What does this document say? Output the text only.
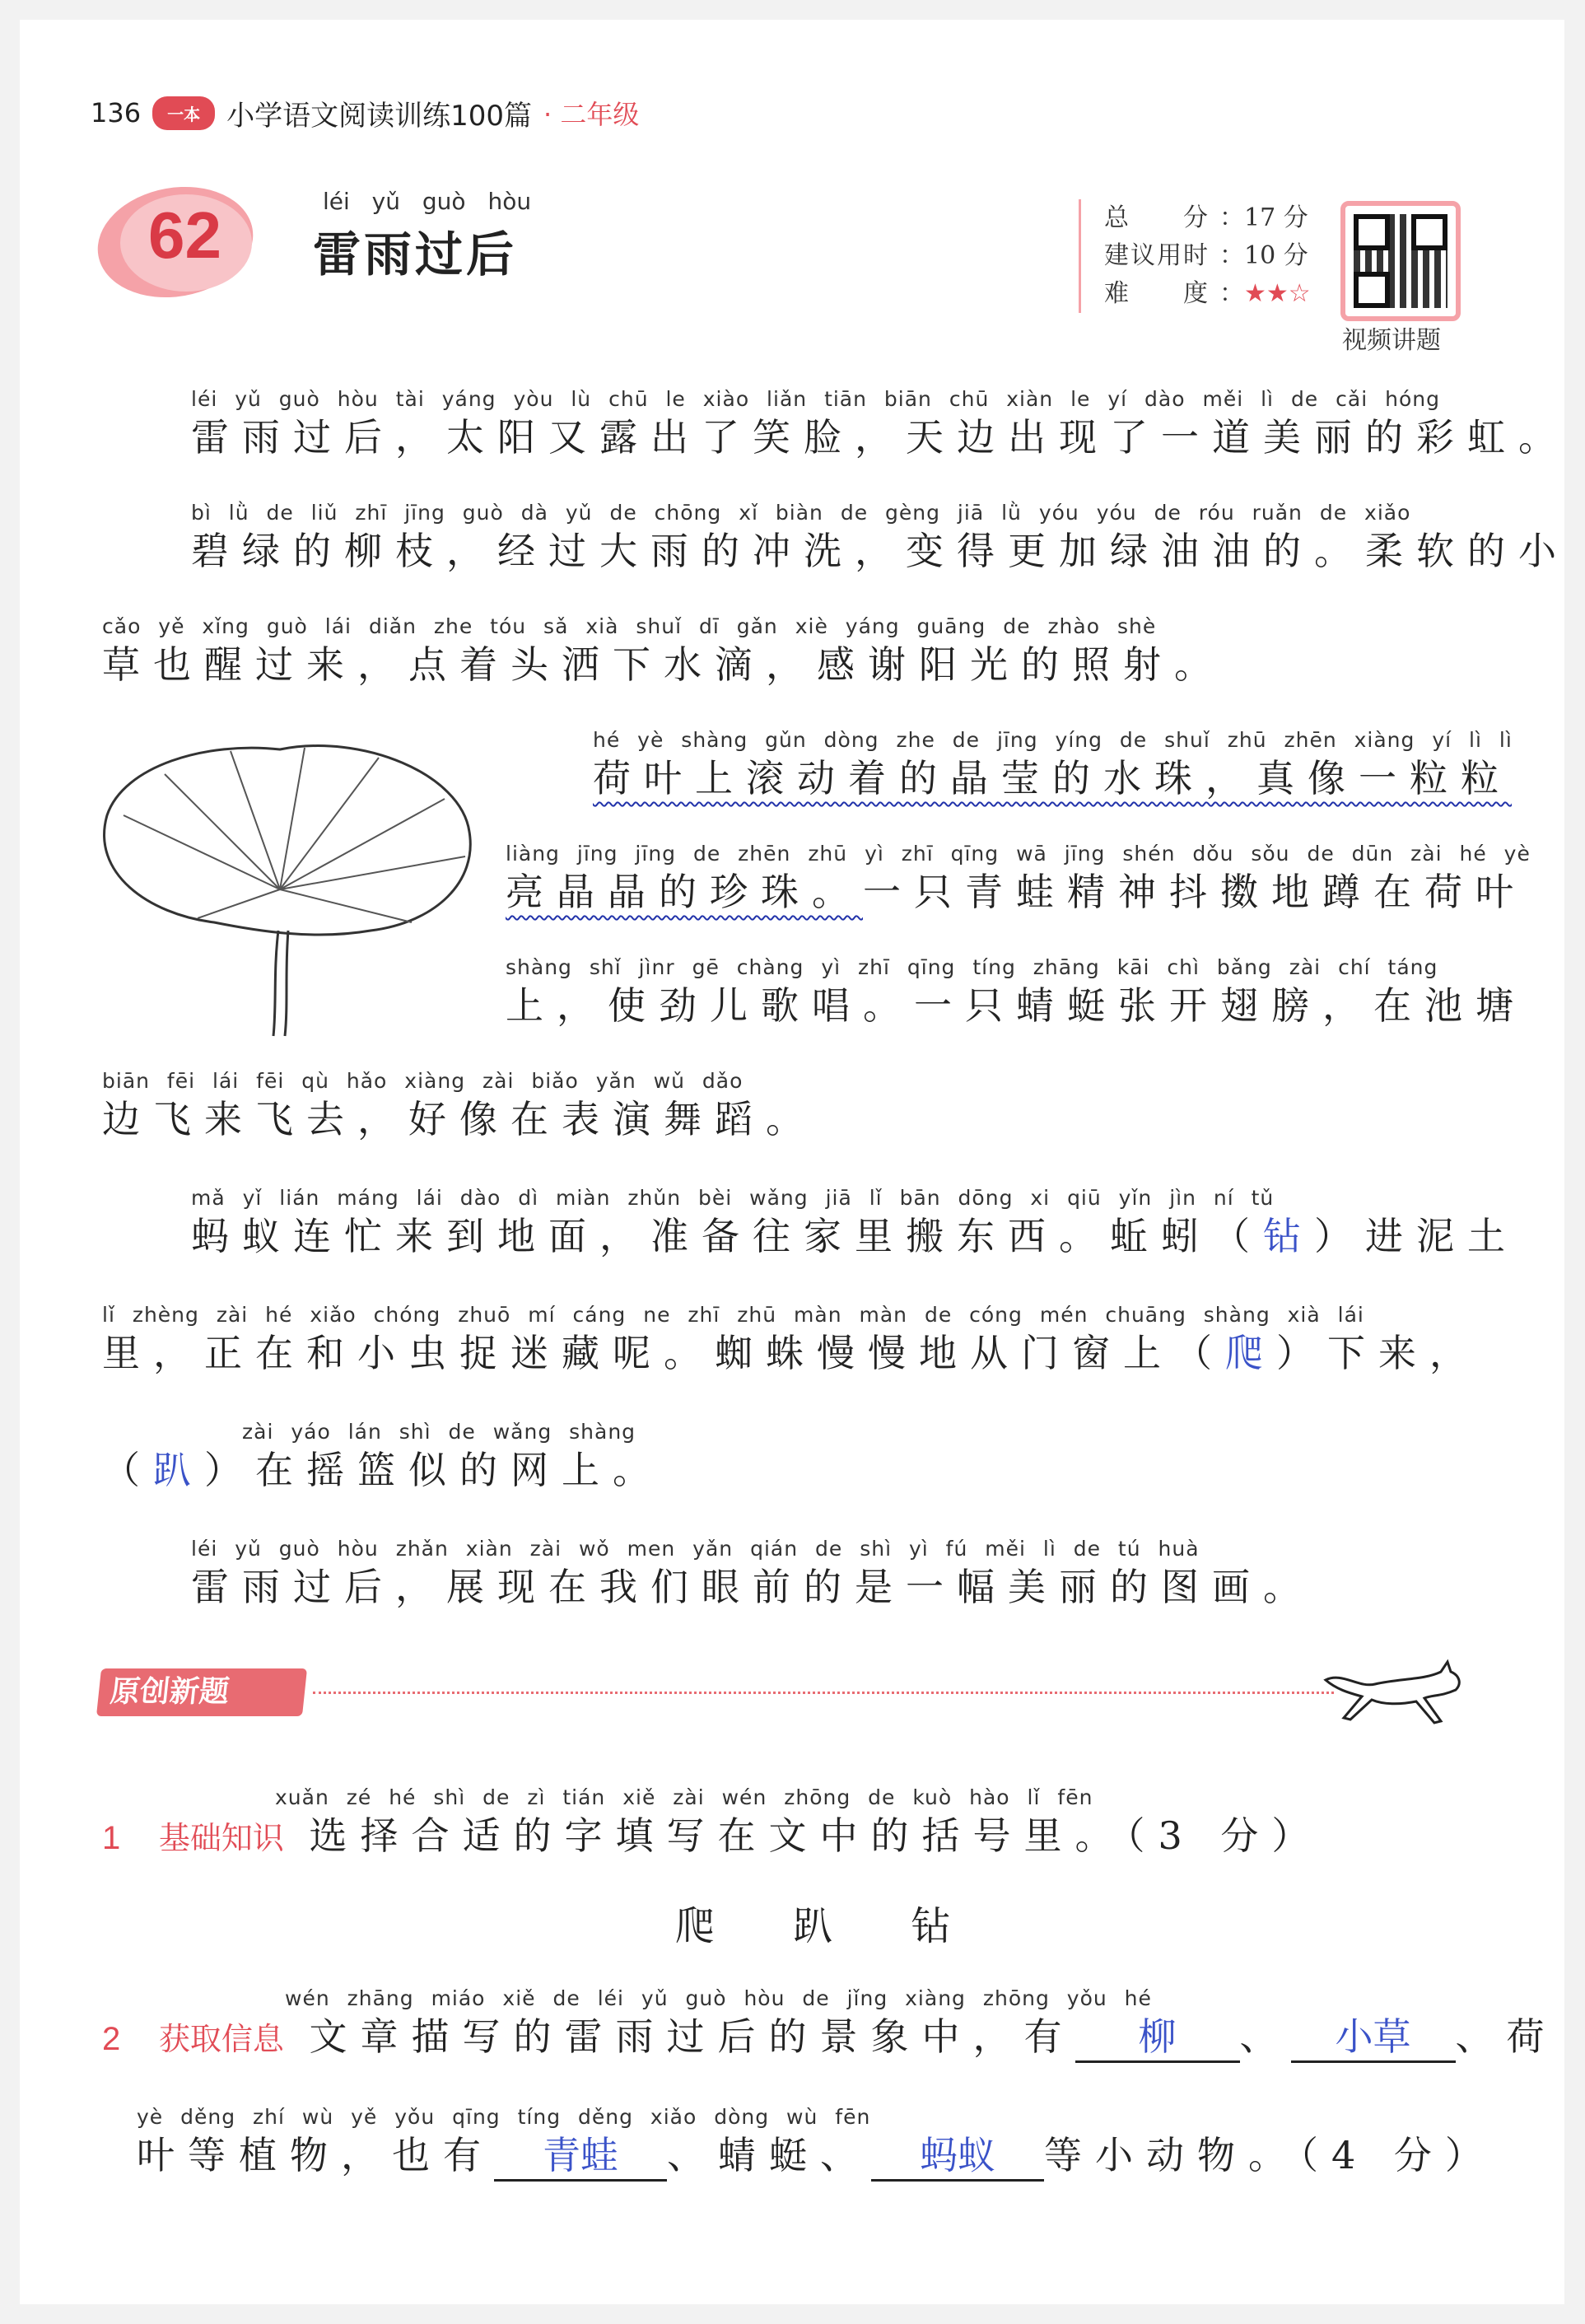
136	一本 小学语文阅读训练100篇 · 二年级
62	léi yǔ guò hòu
雷雨过后
总　　分 ：17 分
建议用时 ：10 分
难　　度 ： ★★☆
视频讲题
léi yǔ guò hòu tài yáng yòu lù chū le xiào liǎn tiān biān chū xiàn le yí dào měi lì de cǎi hóng
雷雨过后，太阳又露出了笑脸，天边出现了一道美丽的彩虹。
bì lǜ de liǔ zhī jīng guò dà yǔ de chōng xǐ biàn de gèng jiā lǜ yóu yóu de róu ruǎn de xiǎo
碧绿的柳枝，经过大雨的冲洗，变得更加绿油油的。柔软的小
cǎo yě xǐng guò lái diǎn zhe tóu sǎ xià shuǐ dī gǎn xiè yáng guāng de zhào shè
草也醒过来，点着头洒下水滴，感谢阳光的照射。
hé yè shàng gǔn dòng zhe de jīng yíng de shuǐ zhū zhēn xiàng yí lì lì
荷叶上滚动着的晶莹的水珠，真像一粒粒
liàng jīng jīng de zhēn zhū yì zhī qīng wā jīng shén dǒu sǒu de dūn zài hé yè
亮晶晶的珍珠。一只青蛙精神抖擞地蹲在荷叶
shàng shǐ jìnr gē chàng yì zhī qīng tíng zhāng kāi chì bǎng zài chí táng
上，使劲儿歌唱。一只蜻蜓张开翅膀，在池塘
biān fēi lái fēi qù hǎo xiàng zài biǎo yǎn wǔ dǎo
边飞来飞去，好像在表演舞蹈。
mǎ yǐ lián máng lái dào dì miàn zhǔn bèi wǎng jiā lǐ bān dōng xi qiū yǐn jìn ní tǔ
蚂蚁连忙来到地面，准备往家里搬东西。蚯蚓（钻）进泥土
lǐ zhèng zài hé xiǎo chóng zhuō mí cáng ne zhī zhū màn màn de cóng mén chuāng shàng xià lái
里，正在和小虫捉迷藏呢。蜘蛛慢慢地从门窗上（爬）下来，
zài yáo lán shì de wǎng shàng
（趴）在摇篮似的网上。
léi yǔ guò hòu zhǎn xiàn zài wǒ men yǎn qián de shì yì fú měi lì de tú huà
雷雨过后，展现在我们眼前的是一幅美丽的图画。
原创新题
xuǎn zé hé shì de zì tián xiě zài wén zhōng de kuò hào lǐ fēn
1 基础知识 选择合适的字填写在文中的括号里。（3 分）
爬 趴 钻
wén zhāng miáo xiě de léi yǔ guò hòu de jǐng xiàng zhōng yǒu hé
2 获取信息 文章描写的雷雨过后的景象中，有 柳 、 小草 、荷
yè děng zhí wù yě yǒu qīng tíng děng xiǎo dòng wù fēn
叶等植物，也有 青蛙 、蜻蜓、 蚂蚁 等小动物。（4 分）
